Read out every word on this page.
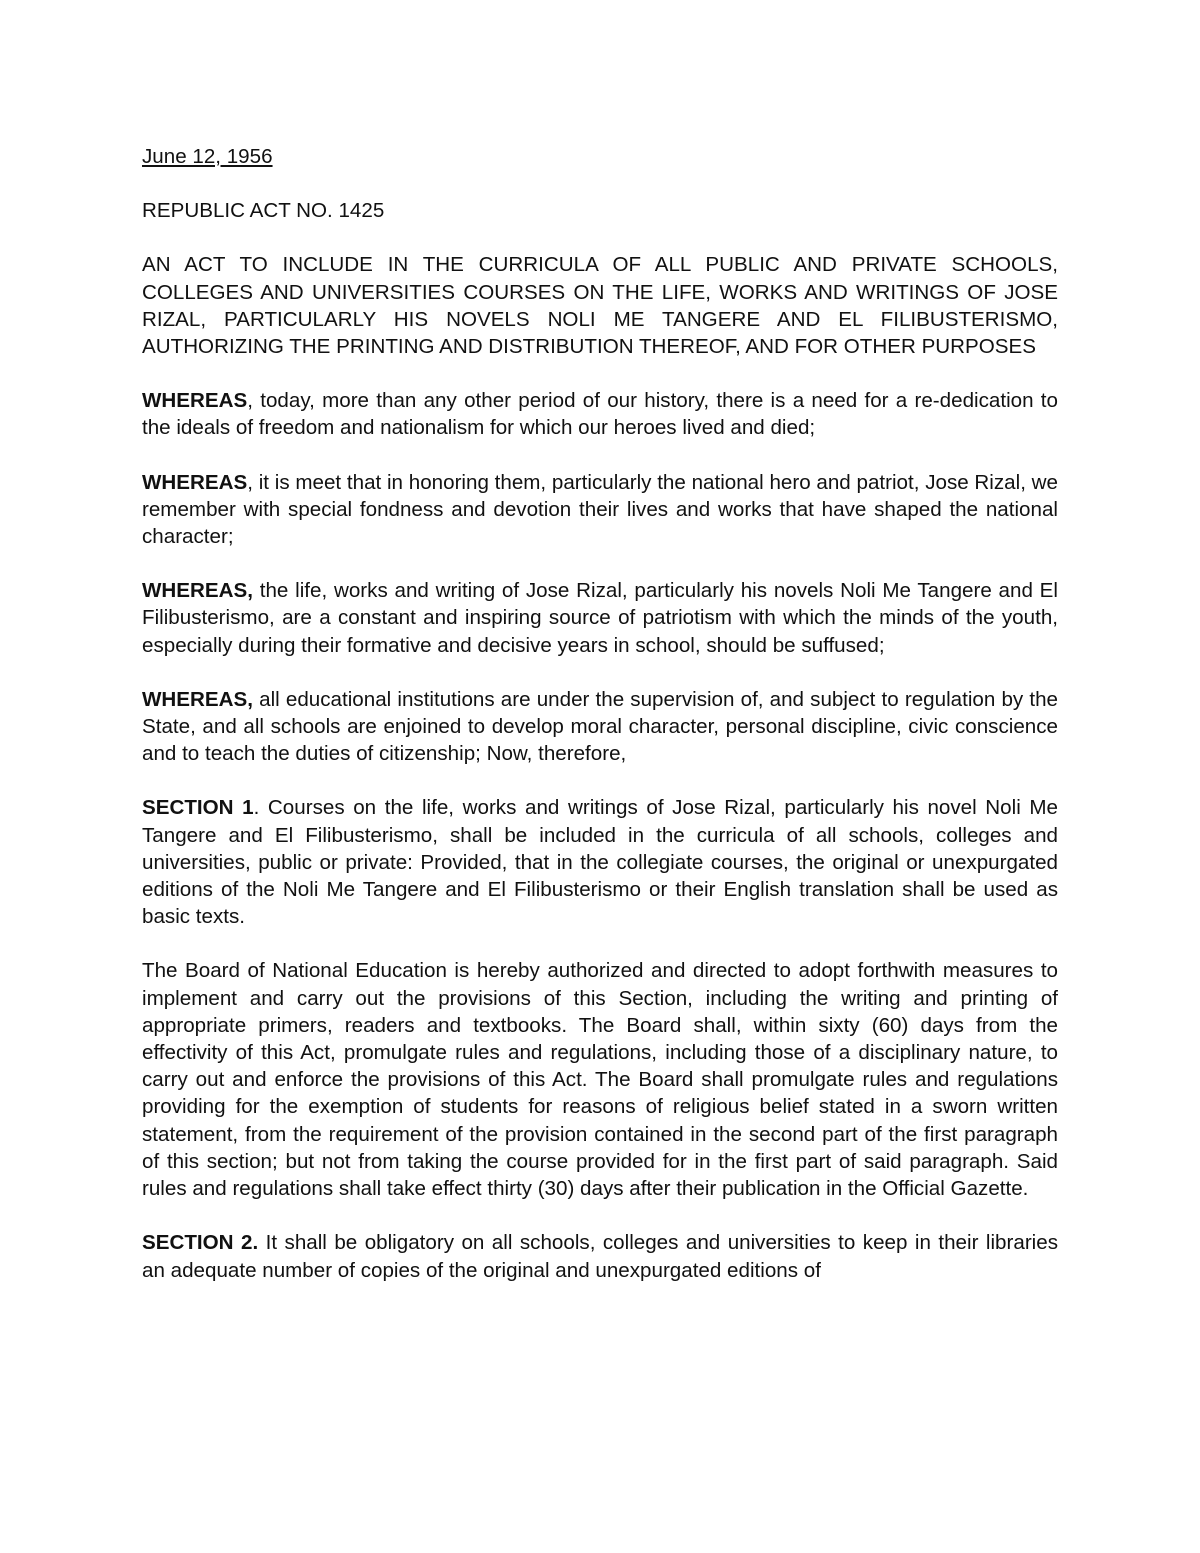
June 12, 1956
REPUBLIC ACT NO. 1425
AN ACT TO INCLUDE IN THE CURRICULA OF ALL PUBLIC AND PRIVATE SCHOOLS, COLLEGES AND UNIVERSITIES COURSES ON THE LIFE, WORKS AND WRITINGS OF JOSE RIZAL, PARTICULARLY HIS NOVELS NOLI ME TANGERE AND EL FILIBUSTERISMO, AUTHORIZING THE PRINTING AND DISTRIBUTION THEREOF, AND FOR OTHER PURPOSES

WHEREAS, today, more than any other period of our history, there is a need for a re-dedication to the ideals of freedom and nationalism for which our heroes lived and died;

WHEREAS, it is meet that in honoring them, particularly the national hero and patriot, Jose Rizal, we remember with special fondness and devotion their lives and works that have shaped the national character;

WHEREAS, the life, works and writing of Jose Rizal, particularly his novels Noli Me Tangere and El Filibusterismo, are a constant and inspiring source of patriotism with which the minds of the youth, especially during their formative and decisive years in school, should be suffused;

WHEREAS, all educational institutions are under the supervision of, and subject to regulation by the State, and all schools are enjoined to develop moral character, personal discipline, civic conscience and to teach the duties of citizenship; Now, therefore,

SECTION 1. Courses on the life, works and writings of Jose Rizal, particularly his novel Noli Me Tangere and El Filibusterismo, shall be included in the curricula of all schools, colleges and universities, public or private: Provided, that in the collegiate courses, the original or unexpurgated editions of the Noli Me Tangere and El Filibusterismo or their English translation shall be used as basic texts.

The Board of National Education is hereby authorized and directed to adopt forthwith measures to implement and carry out the provisions of this Section, including the writing and printing of appropriate primers, readers and textbooks. The Board shall, within sixty (60) days from the effectivity of this Act, promulgate rules and regulations, including those of a disciplinary nature, to carry out and enforce the provisions of this Act. The Board shall promulgate rules and regulations providing for the exemption of students for reasons of religious belief stated in a sworn written statement, from the requirement of the provision contained in the second part of the first paragraph of this section; but not from taking the course provided for in the first part of said paragraph. Said rules and regulations shall take effect thirty (30) days after their publication in the Official Gazette.

SECTION 2. It shall be obligatory on all schools, colleges and universities to keep in their libraries an adequate number of copies of the original and unexpurgated editions of
